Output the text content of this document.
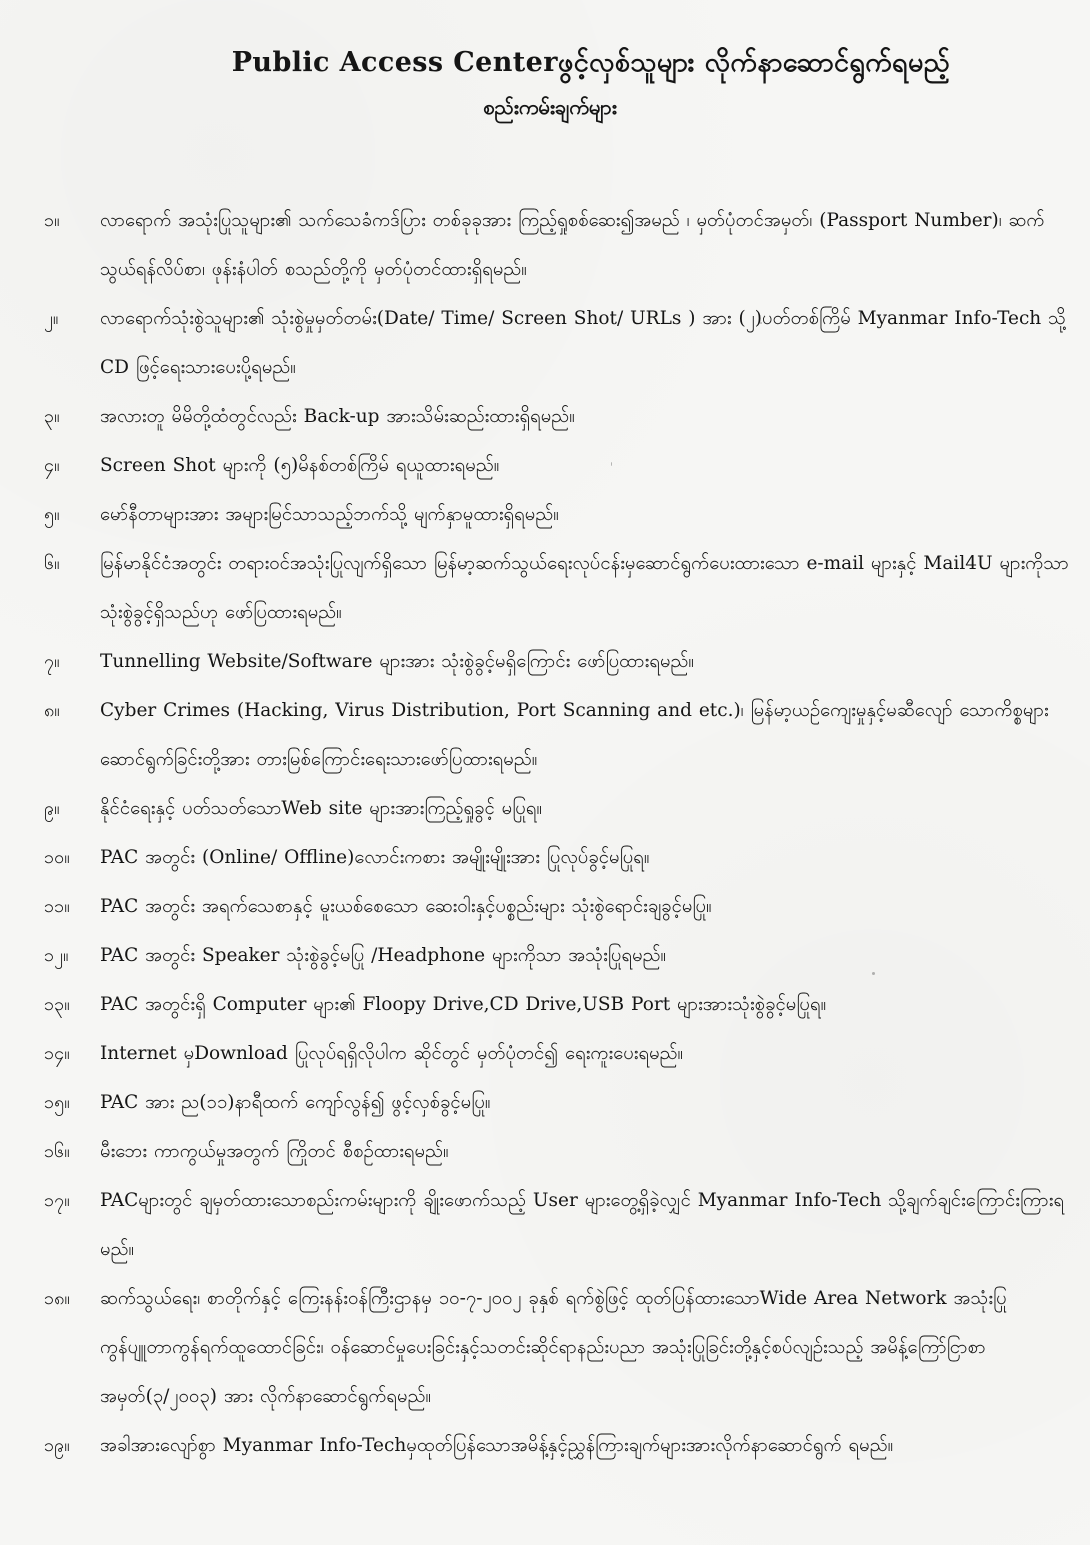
Public Access Centerဖွင့်လှစ်သူများ လိုက်နာဆောင်ရွက်ရမည့်
စည်းကမ်းချက်များ
၁။	လာရောက် အသုံးပြုသူများ၏ သက်သေခံကဒ်ပြား တစ်ခုခုအား ကြည့်ရှုစစ်ဆေး၍အမည် ၊ မှတ်ပုံတင်အမှတ်၊ (Passport Number)၊ ဆက်သွယ်ရန်လိပ်စာ၊ ဖုန်းနံပါတ် စသည်တို့ကို မှတ်ပုံတင်ထားရှိရမည်။
၂။	လာရောက်သုံးစွဲသူများ၏ သုံးစွဲမှုမှတ်တမ်း(Date/ Time/ Screen Shot/ URLs ) အား (၂)ပတ်တစ်ကြိမ် Myanmar Info-Tech သို့ CD ဖြင့်ရေးသားပေးပို့ရမည်။
၃။	အလားတူ မိမိတို့ထံတွင်လည်း Back-up အားသိမ်းဆည်းထားရှိရမည်။
၄။	Screen Shot များကို (၅)မိနစ်တစ်ကြိမ် ရယူထားရမည်။
၅။	မော်နီတာများအား အများမြင်သာသည့်ဘက်သို့ မျက်နှာမူထားရှိရမည်။
၆။	မြန်မာနိုင်ငံအတွင်း တရားဝင်အသုံးပြုလျက်ရှိသော မြန်မာ့ဆက်သွယ်ရေးလုပ်ငန်းမှဆောင်ရွက်ပေးထားသော e-mail များနှင့် Mail4U များကိုသာသုံးစွဲခွင့်ရှိသည်ဟု ဖော်ပြထားရမည်။
၇။	Tunnelling Website/Software များအား သုံးစွဲခွင့်မရှိကြောင်း ဖော်ပြထားရမည်။
၈။	Cyber Crimes (Hacking, Virus Distribution, Port Scanning and etc.)၊ မြန်မာ့ယဉ်ကျေးမှုနှင့်မဆီလျော် သောကိစ္စများဆောင်ရွက်ခြင်းတို့အား တားမြစ်ကြောင်းရေးသားဖော်ပြထားရမည်။
၉။	နိုင်ငံရေးနှင့် ပတ်သတ်သောWeb site များအားကြည့်ရှုခွင့် မပြုရ။
၁၀။	PAC အတွင်း (Online/ Offline)လောင်းကစား အမျိုးမျိုးအား ပြုလုပ်ခွင့်မပြုရ။
၁၁။	PAC အတွင်း အရက်သေစာနှင့် မူးယစ်စေသော ဆေးဝါးနှင့်ပစ္စည်းများ သုံးစွဲရောင်းချခွင့်မပြု။
၁၂။	PAC အတွင်း Speaker သုံးစွဲခွင့်မပြု /Headphone များကိုသာ အသုံးပြုရမည်။
၁၃။	PAC အတွင်းရှိ Computer များ၏ Floopy Drive,CD Drive,USB Port များအားသုံးစွဲခွင့်မပြုရ။
၁၄။	Internet မှDownload ပြုလုပ်ရရှိလိုပါက ဆိုင်တွင် မှတ်ပုံတင်၍ ရေးကူးပေးရမည်။
၁၅။	PAC အား ည(၁၁)နာရီထက် ကျော်လွန်၍ ဖွင့်လှစ်ခွင့်မပြု။
၁၆။	မီးဘေး ကာကွယ်မှုအတွက် ကြိုတင် စီစဉ်ထားရမည်။
၁၇။	PACများတွင် ချမှတ်ထားသောစည်းကမ်းများကို ချိုးဖောက်သည့် User များတွေ့ရှိခဲ့လျှင် Myanmar Info-Tech သို့ချက်ချင်းကြောင်းကြားရမည်။
၁၈။	ဆက်သွယ်ရေး၊ စာတိုက်နှင့် ကြေးနန်းဝန်ကြီးဌာနမှ ၁၀-၇-၂၀၀၂ ခုနှစ် ရက်စွဲဖြင့် ထုတ်ပြန်ထားသောWide Area Network အသုံးပြုကွန်ပျူတာကွန်ရက်ထူထောင်ခြင်း၊ ဝန်ဆောင်မှုပေးခြင်းနှင့်သတင်းဆိုင်ရာနည်းပညာ အသုံးပြုခြင်းတို့နှင့်စပ်လျဉ်းသည့် အမိန့်ကြော်ငြာစာအမှတ်(၃/၂၀၀၃) အား လိုက်နာဆောင်ရွက်ရမည်။
၁၉။	အခါအားလျော်စွာ Myanmar Info-Techမှထုတ်ပြန်သောအမိန့်နှင့်ညွှန်ကြားချက်များအားလိုက်နာဆောင်ရွက် ရမည်။
